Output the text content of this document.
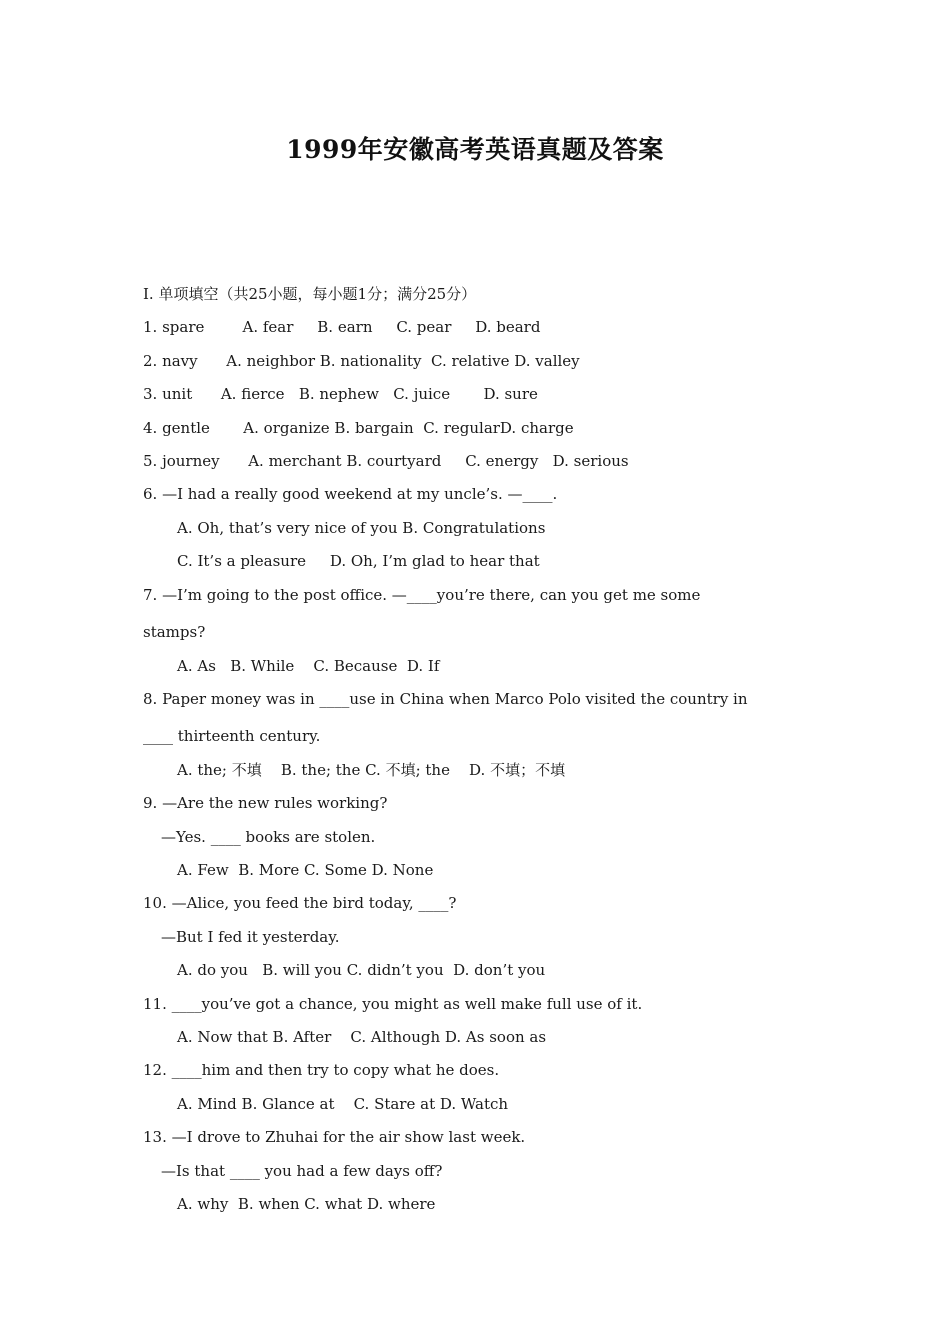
1999年安徽高考英语真题及答案
I. 单项填空（共25小题，每小题1分；满分25分）
1. spare        A. fear     B. earn     C. pear     D. beard
2. navy      A. neighbor B. nationality  C. relative D. valley
3. unit      A. fierce   B. nephew   C. juice       D. sure
4. gentle       A. organize B. bargain  C. regularD. charge
5. journey      A. merchant B. courtyard     C. energy   D. serious
6. —I had a really good weekend at my uncle’s. —____.
A. Oh, that’s very nice of you B. Congratulations
C. It’s a pleasure     D. Oh, I’m glad to hear that
7. —I’m going to the post office. —____you’re there, can you get me some
stamps?
A. As   B. While    C. Because  D. If
8. Paper money was in ____use in China when Marco Polo visited the country in
____ thirteenth century.
A. the; 不填    B. the; the C. 不填; the    D. 不填；不填
9. —Are the new rules working?
—Yes. ____ books are stolen.
A. Few  B. More C. Some D. None
10. —Alice, you feed the bird today, ____?
—But I fed it yesterday.
A. do you   B. will you C. didn’t you  D. don’t you
11. ____you’ve got a chance, you might as well make full use of it.
A. Now that B. After    C. Although D. As soon as
12. ____him and then try to copy what he does.
A. Mind B. Glance at    C. Stare at D. Watch
13. —I drove to Zhuhai for the air show last week.
—Is that ____ you had a few days off?
A. why  B. when C. what D. where
